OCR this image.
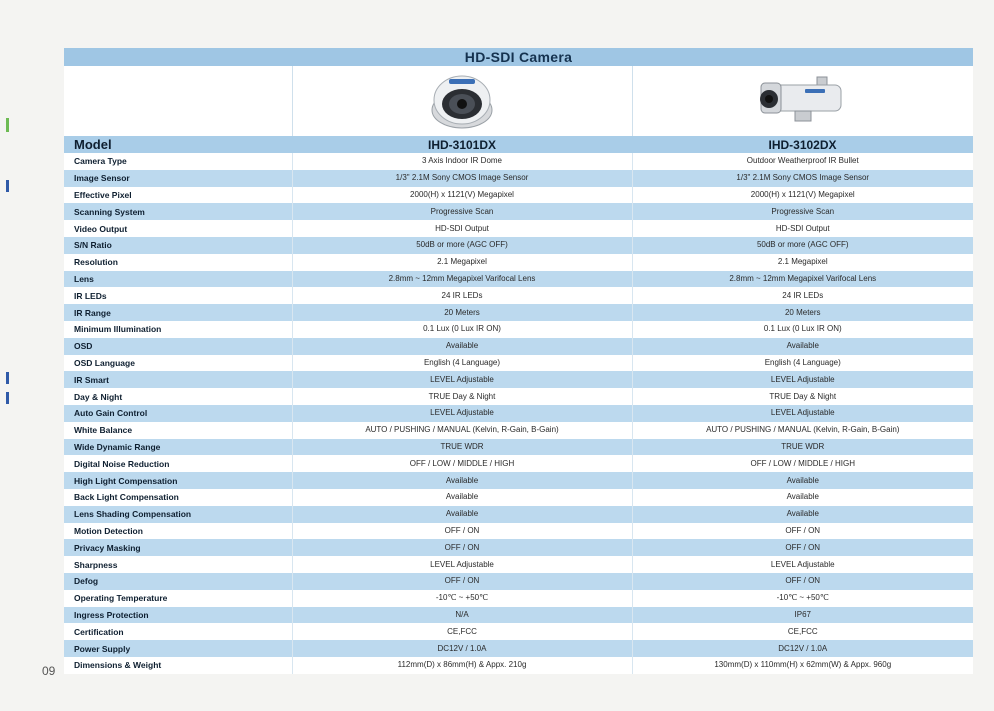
09
HD-SDI Camera		

Model	IHD-3101DX	IHD-3102DX
Camera Type	3 Axis Indoor IR Dome	Outdoor Weatherproof IR Bullet
Image Sensor	1/3" 2.1M Sony CMOS Image Sensor	1/3" 2.1M Sony CMOS Image Sensor
Effective Pixel	2000(H) x 1121(V) Megapixel	2000(H) x 1121(V) Megapixel
Scanning System	Progressive Scan	Progressive Scan
Video Output	HD-SDI Output	HD-SDI Output
S/N Ratio	50dB or more (AGC OFF)	50dB or more (AGC OFF)
Resolution	2.1 Megapixel	2.1 Megapixel
Lens	2.8mm ~ 12mm Megapixel Varifocal Lens	2.8mm ~ 12mm Megapixel Varifocal Lens
IR LEDs	24 IR LEDs	24 IR LEDs
IR Range	20 Meters	20 Meters
Minimum Illumination	0.1 Lux (0 Lux IR ON)	0.1 Lux (0 Lux IR ON)
OSD	Available	Available
OSD Language	English (4 Language)	English (4 Language)
IR Smart	LEVEL Adjustable	LEVEL Adjustable
Day & Night	TRUE Day & Night	TRUE Day & Night
Auto Gain Control	LEVEL Adjustable	LEVEL Adjustable
White Balance	AUTO / PUSHING / MANUAL (Kelvin, R-Gain, B-Gain)	AUTO / PUSHING / MANUAL (Kelvin, R-Gain, B-Gain)
Wide Dynamic Range	TRUE WDR	TRUE WDR
Digital Noise Reduction	OFF / LOW / MIDDLE / HIGH	OFF / LOW / MIDDLE / HIGH
High Light Compensation	Available	Available
Back Light Compensation	Available	Available
Lens Shading Compensation	Available	Available
Motion Detection	OFF / ON	OFF / ON
Privacy Masking	OFF / ON	OFF / ON
Sharpness	LEVEL Adjustable	LEVEL Adjustable
Defog	OFF / ON	OFF / ON
Operating Temperature	-10℃ ~ +50℃	-10℃ ~ +50℃
Ingress Protection	N/A	IP67
Certification	CE,FCC	CE,FCC
Power Supply	DC12V / 1.0A	DC12V / 1.0A
Dimensions & Weight	112mm(D) x 86mm(H) & Appx. 210g	130mm(D) x 110mm(H) x 62mm(W) & Appx. 960g
